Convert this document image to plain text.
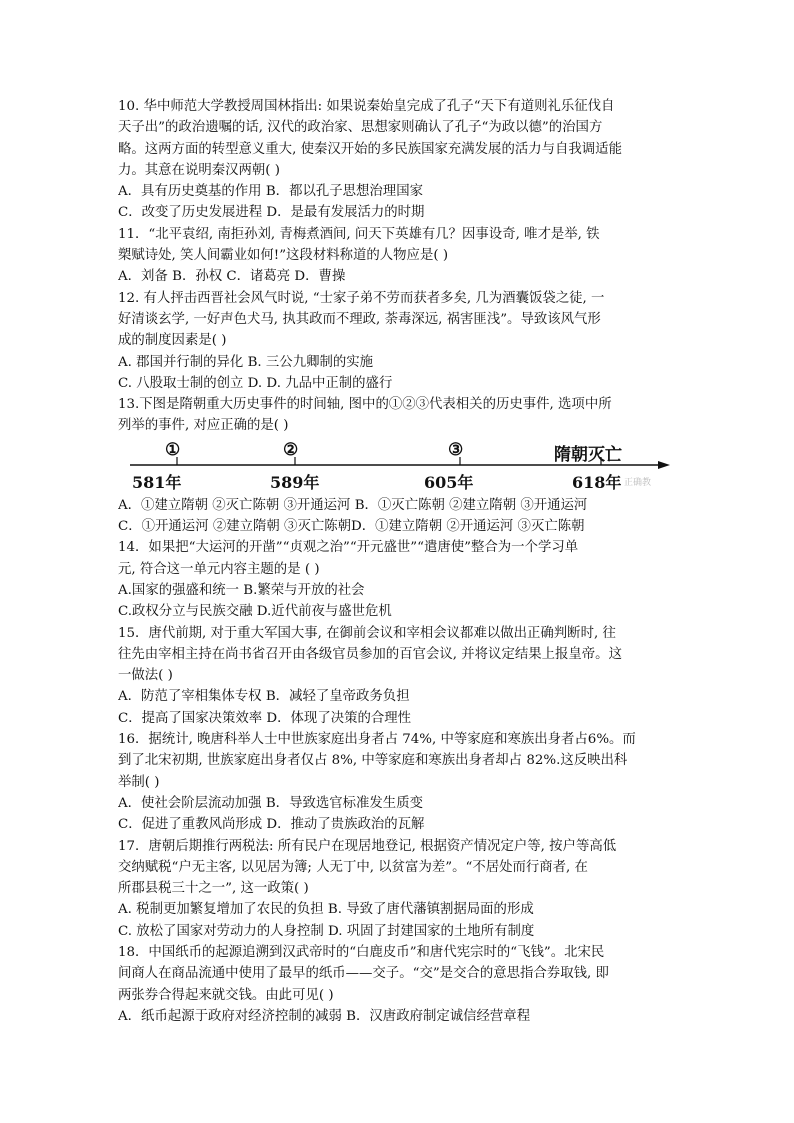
10. 华中师范大学教授周国林指出: 如果说秦始皇完成了孔子“天下有道则礼乐征伐自
天子出”的政治遗嘱的话, 汉代的政治家、思想家则确认了孔子“为政以德”的治国方
略。这两方面的转型意义重大, 使秦汉开始的多民族国家充满发展的活力与自我调适能
力。其意在说明秦汉两朝( )
A．具有历史奠基的作用 B．都以孔子思想治理国家
C．改变了历史发展进程 D．是最有发展活力的时期
11．“北平袁绍, 南拒孙刘, 青梅煮酒间, 问天下英雄有几？因事设奇, 唯才是举, 铁
槊赋诗处, 笑人间霸业如何!”这段材料称道的人物应是( )
A．刘备 B．孙权 C．诸葛亮 D．曹操
12. 有人抨击西晋社会风气时说, “士家子弟不劳而获者多矣, 几为酒囊饭袋之徒, 一
好清谈玄学, 一好声色犬马, 执其政而不理政, 荼毒深远, 祸害匪浅”。导致该风气形
成的制度因素是( )
A. 郡国并行制的异化 B. 三公九卿制的实施
C. 八股取士制的创立 D. D. 九品中正制的盛行
13.下图是隋朝重大历史事件的时间轴, 图中的①②③代表相关的历史事件, 选项中所
列举的事件, 对应正确的是( )
①	②	③	隋朝灭亡
581年	589年	605年	618年 正确教
A．①建立隋朝 ②灭亡陈朝 ③开通运河 B．①灭亡陈朝 ②建立隋朝 ③开通运河
C．①开通运河 ②建立隋朝 ③灭亡陈朝D．①建立隋朝 ②开通运河 ③灭亡陈朝
14．如果把“大运河的开凿”“贞观之治”“开元盛世”“遣唐使”整合为一个学习单
元, 符合这一单元内容主题的是 ( )
A.国家的强盛和统一 B.繁荣与开放的社会
C.政权分立与民族交融 D.近代前夜与盛世危机
15．唐代前期, 对于重大军国大事, 在御前会议和宰相会议都难以做出正确判断时, 往
往先由宰相主持在尚书省召开由各级官员参加的百官会议, 并将议定结果上报皇帝。这
一做法( )
A．防范了宰相集体专权 B．减轻了皇帝政务负担
C．提高了国家决策效率 D．体现了决策的合理性
16．据统计, 晚唐科举人士中世族家庭出身者占 74%, 中等家庭和寒族出身者占6%。而
到了北宋初期, 世族家庭出身者仅占 8%, 中等家庭和寒族出身者却占 82%.这反映出科
举制( )
A．使社会阶层流动加强 B．导致选官标准发生质变
C．促进了重教风尚形成 D．推动了贵族政治的瓦解
17．唐朝后期推行两税法: 所有民户在现居地登记, 根据资产情况定户等, 按户等高低
交纳赋税“户无主客, 以见居为簿; 人无丁中, 以贫富为差”。“不居处而行商者, 在
所郡县税三十之一”, 这一政策( )
A. 税制更加繁复增加了农民的负担 B. 导致了唐代藩镇割据局面的形成
C. 放松了国家对劳动力的人身控制 D. 巩固了封建国家的土地所有制度
18．中国纸币的起源追溯到汉武帝时的“白鹿皮币”和唐代宪宗时的“飞钱”。北宋民
间商人在商品流通中使用了最早的纸币——交子。“交”是交合的意思指合券取钱, 即
两张券合得起来就交钱。由此可见( )
A．纸币起源于政府对经济控制的减弱 B．汉唐政府制定诚信经营章程
